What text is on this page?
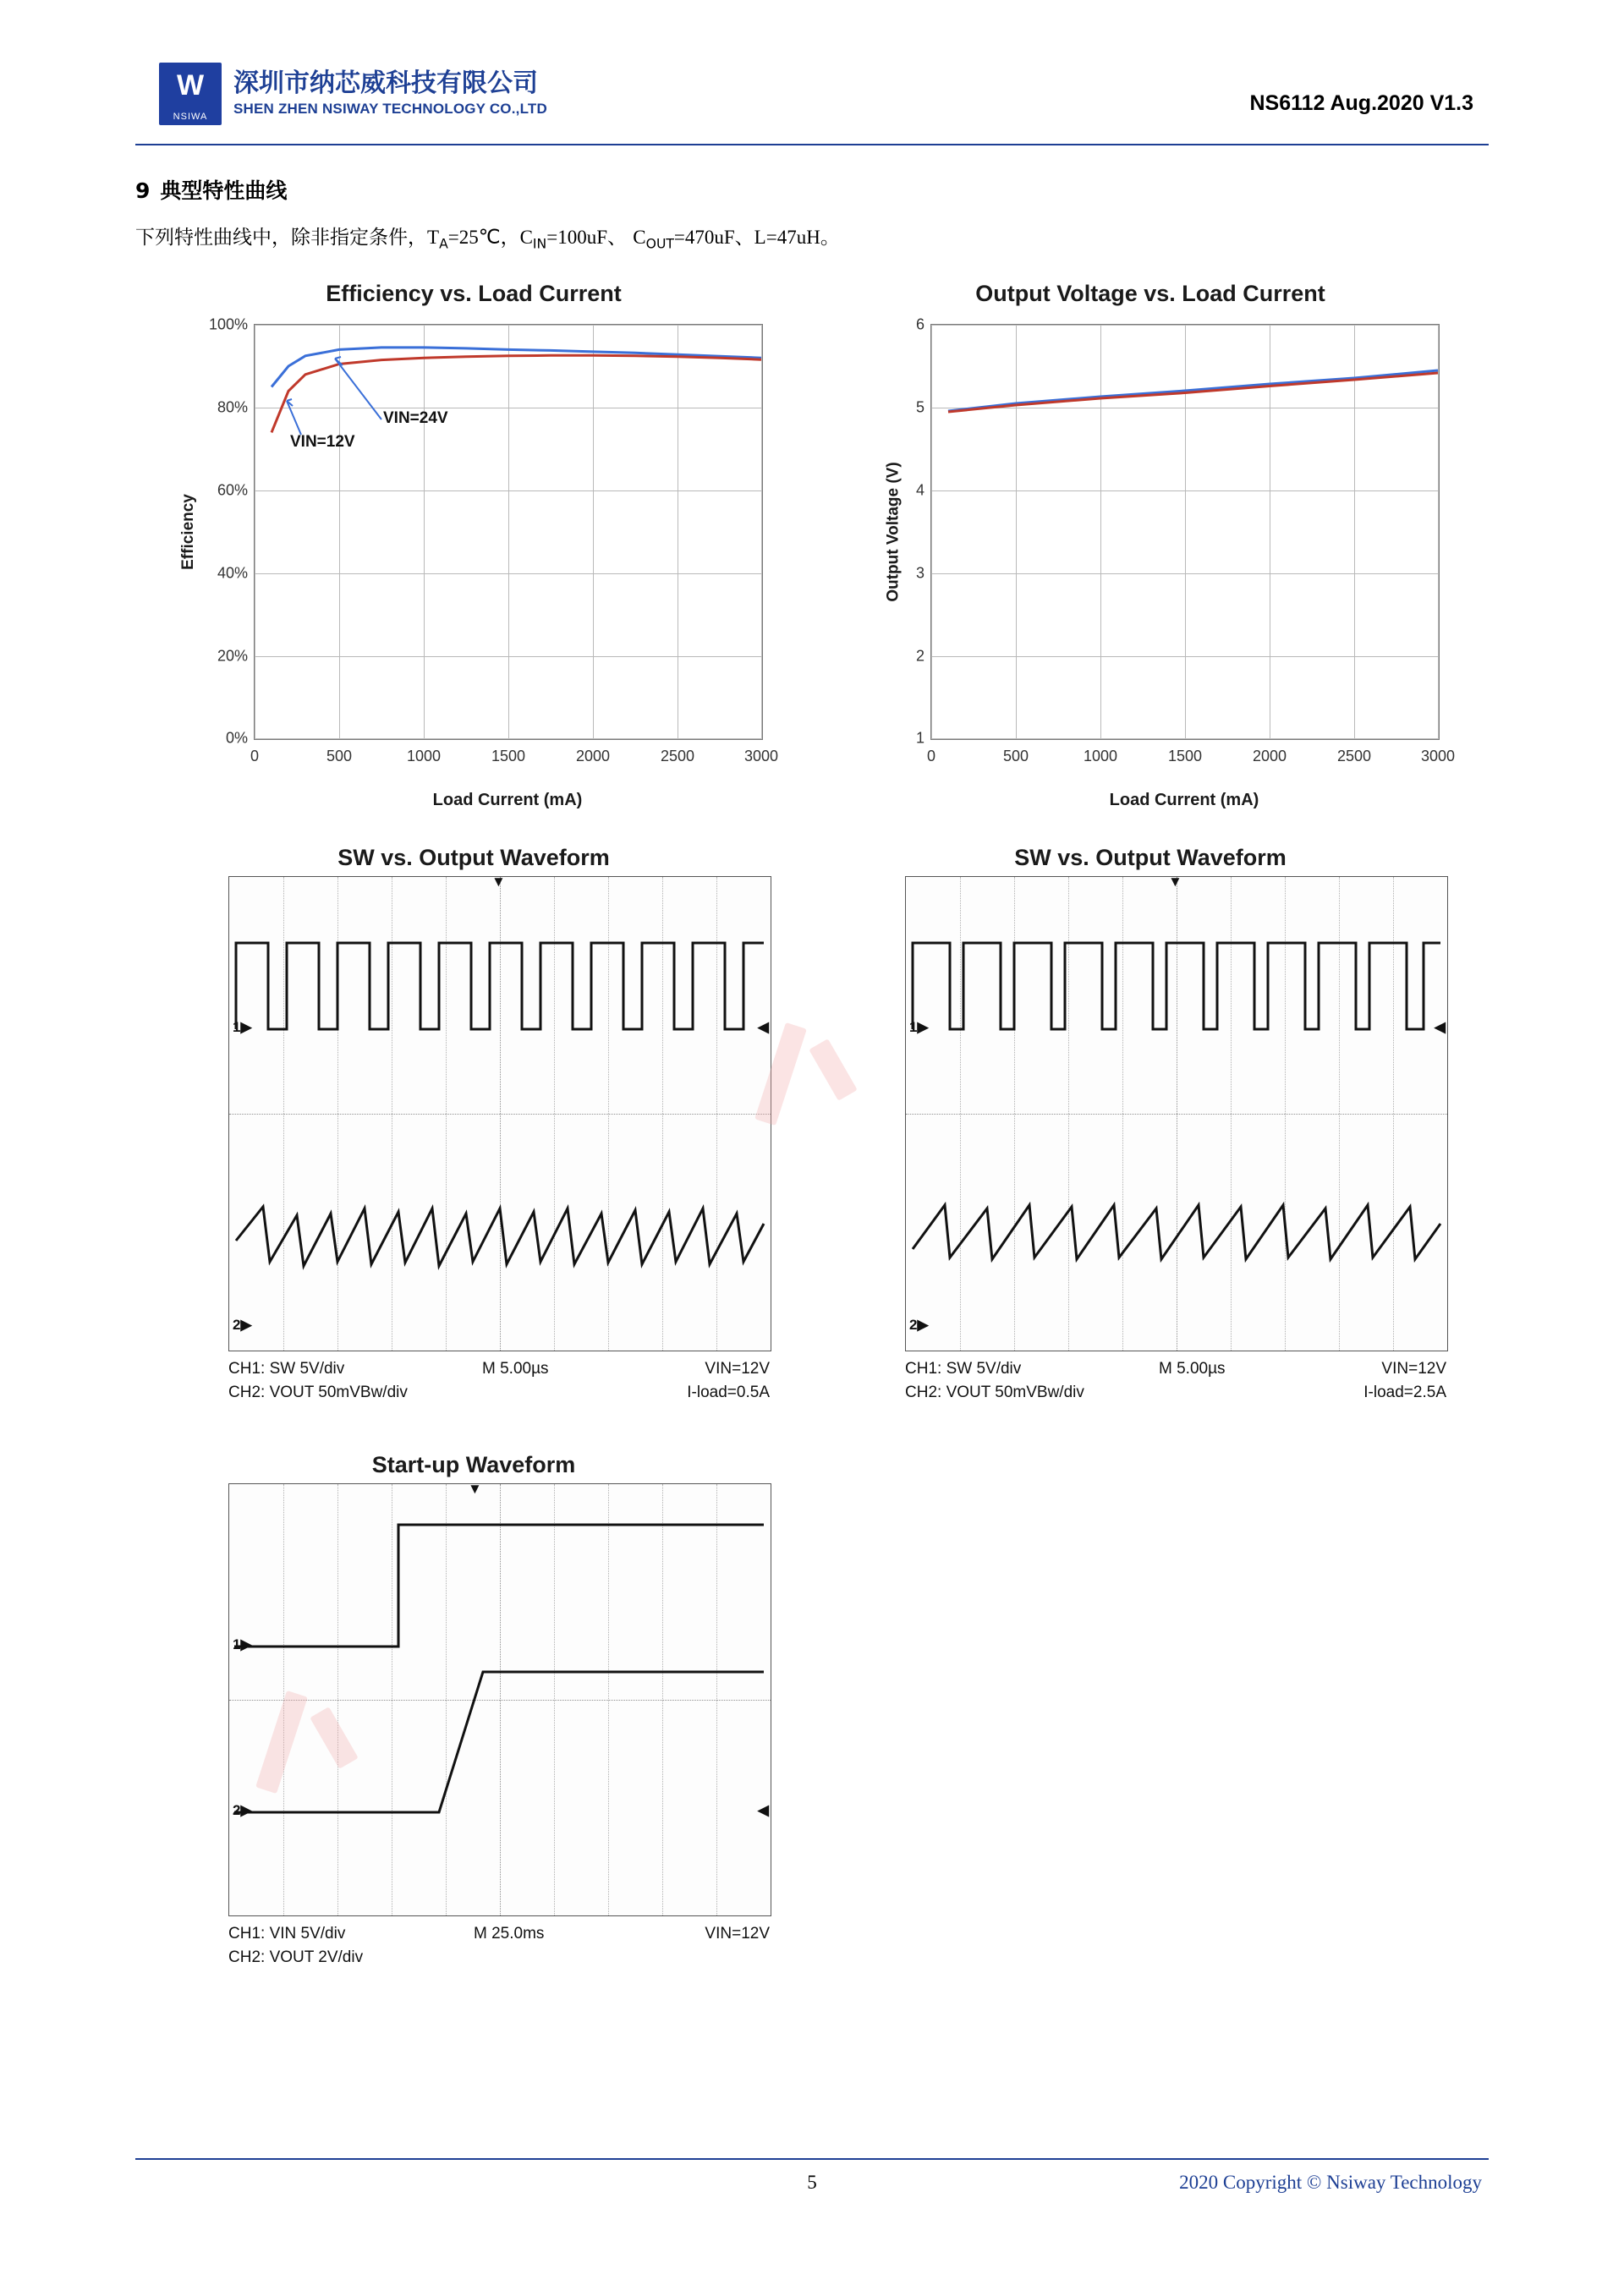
W
NSIWA
深圳市纳芯威科技有限公司
SHEN ZHEN NSIWAY TECHNOLOGY CO.,LTD	NS6112 Aug.2020 V1.3
9 典型特性曲线
下列特性曲线中，除非指定条件，$T_A=25℃$，$C_{IN}=100uF$、 $C_{OUT}=470uF$、L=47uH。
Efficiency vs. Load Current
Efficiency
100%
80%
60%
40%
20%
0%
0	500	1000	1500	2000	2500	3000
VIN=24V
VIN=12V
Load Current (mA)
Output Voltage vs. Load Current
Output Voltage (V)
6
5
4
3
2
1
0	500	1000	1500	2000	2500	3000
Load Current (mA)
SW vs. Output Waveform
1▶
2▶
▼
◀
CH1: SW 5V/div
CH2: VOUT 50mVBw/div
VIN=12V
I-load=0.5A
M 5.00µs
SW vs. Output Waveform
1▶
2▶
▼
◀
CH1: SW 5V/div
CH2: VOUT 50mVBw/div
VIN=12V
I-load=2.5A
M 5.00µs
Start-up Waveform
1▶
2▶
▼
◀
CH1: VIN 5V/div
CH2: VOUT 2V/div
VIN=12V
M 25.0ms
5	2020 Copyright © Nsiway Technology
